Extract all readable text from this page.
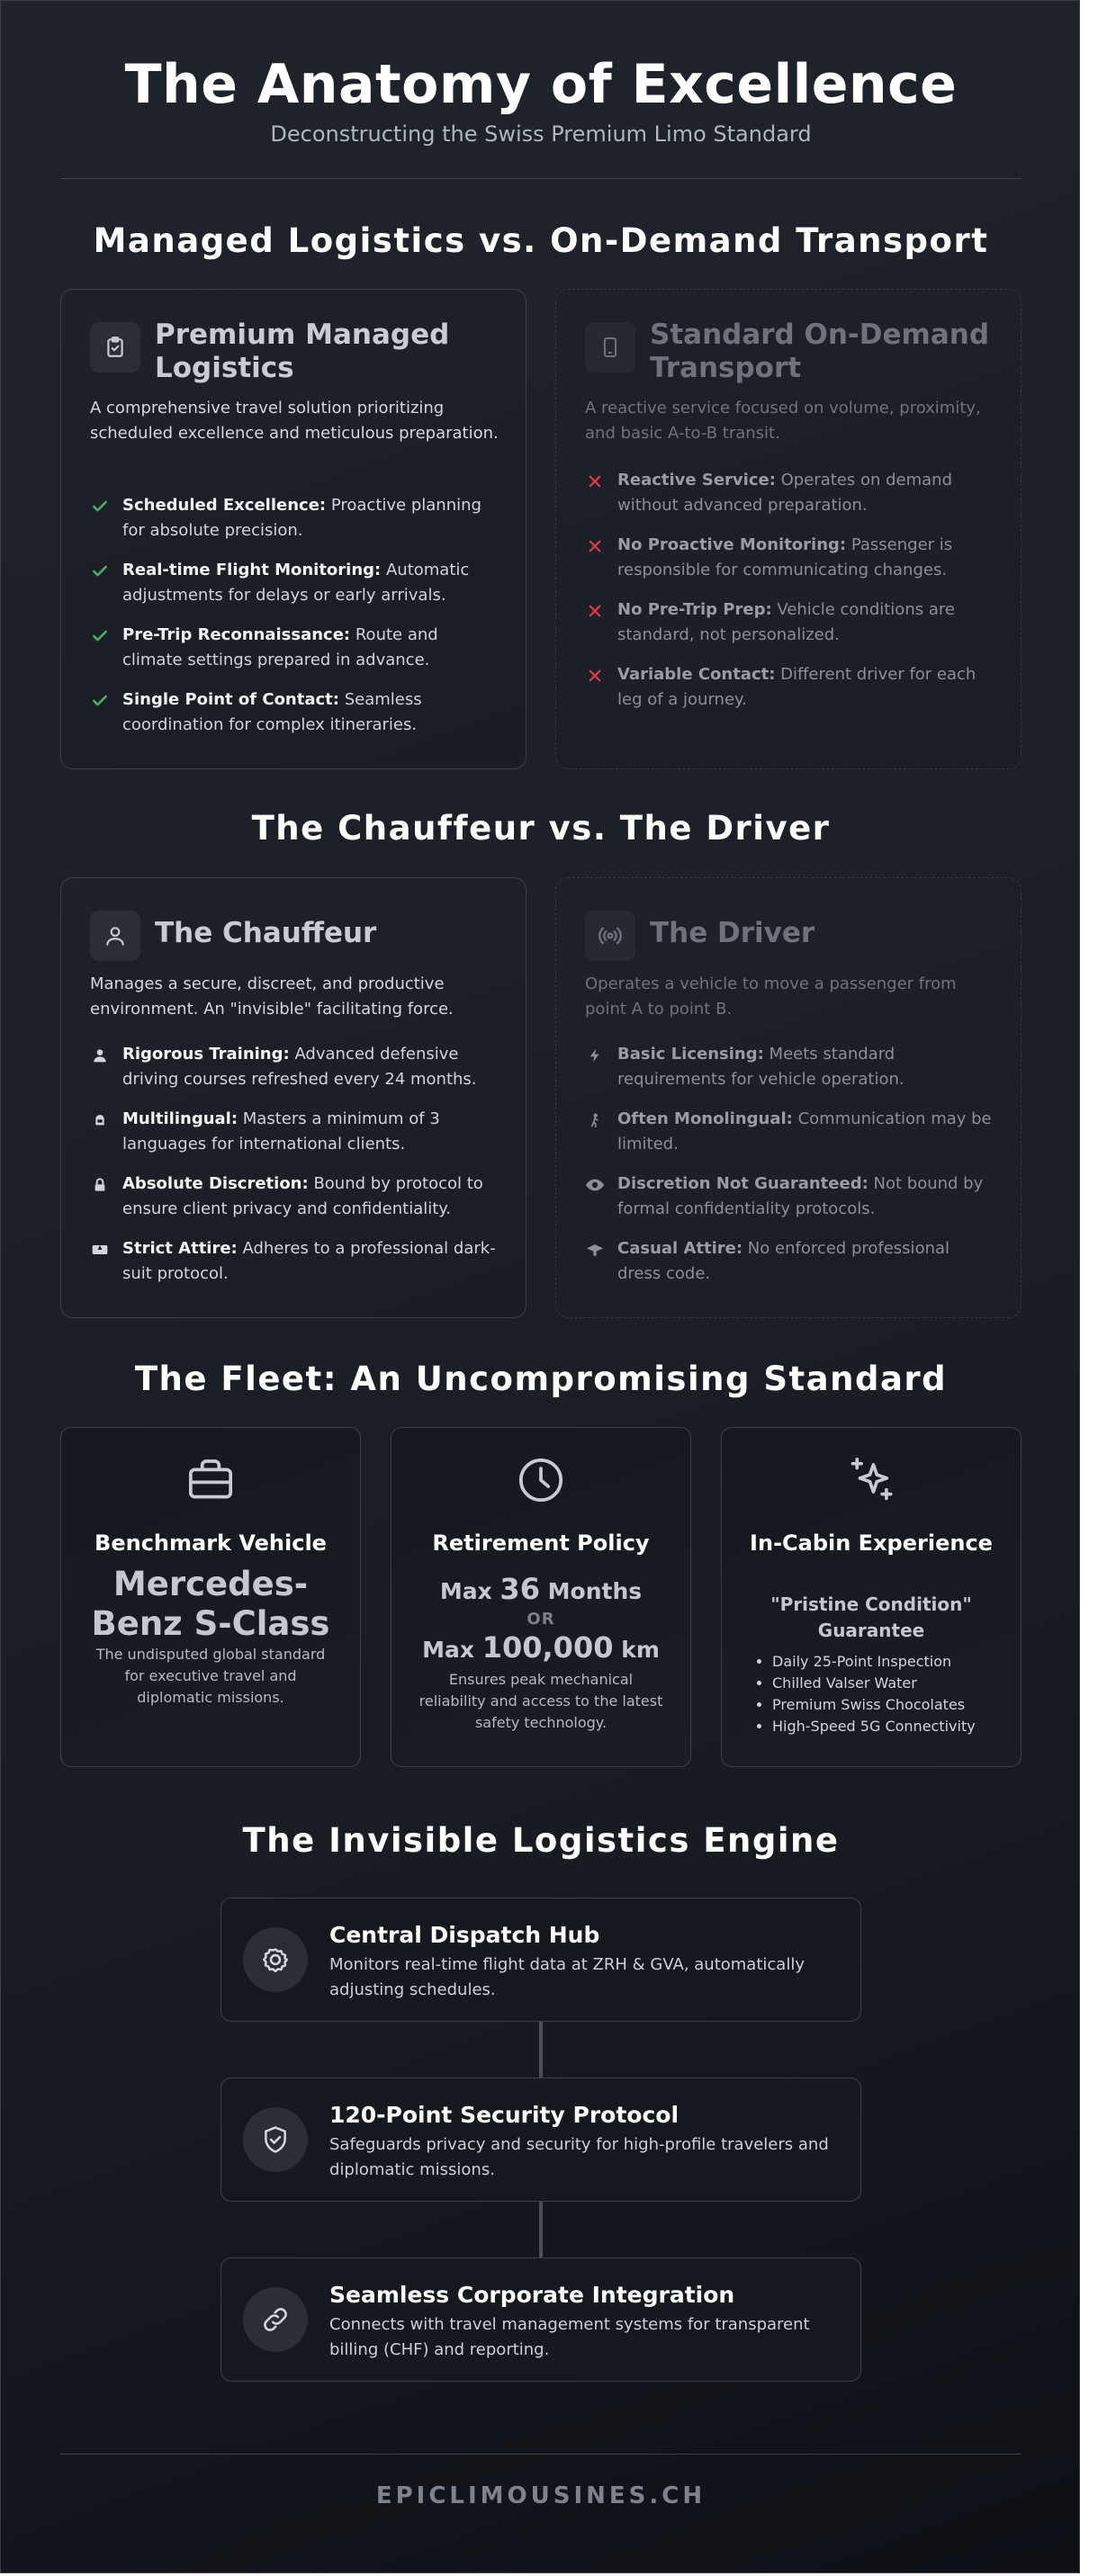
The Anatomy of Excellence
Deconstructing the Swiss Premium Limo Standard
Managed Logistics vs. On-Demand Transport
Premium Managed Logistics
A comprehensive travel solution prioritizing scheduled excellence and meticulous preparation.
Scheduled Excellence: Proactive planning for absolute precision.
Real-time Flight Monitoring: Automatic adjustments for delays or early arrivals.
Pre-Trip Reconnaissance: Route and climate settings prepared in advance.
Single Point of Contact: Seamless coordination for complex itineraries.
Standard On-Demand Transport
A reactive service focused on volume, proximity, and basic A-to-B transit.
Reactive Service: Operates on demand without advanced preparation.
No Proactive Monitoring: Passenger is responsible for communicating changes.
No Pre-Trip Prep: Vehicle conditions are standard, not personalized.
Variable Contact: Different driver for each leg of a journey.
The Chauffeur vs. The Driver
The Chauffeur
Manages a secure, discreet, and productive environment. An "invisible" facilitating force.
Rigorous Training: Advanced defensive driving courses refreshed every 24 months.
Multilingual: Masters a minimum of 3 languages for international clients.
Absolute Discretion: Bound by protocol to ensure client privacy and confidentiality.
Strict Attire: Adheres to a professional dark-suit protocol.
The Driver
Operates a vehicle to move a passenger from point A to point B.
Basic Licensing: Meets standard requirements for vehicle operation.
Often Monolingual: Communication may be limited.
Discretion Not Guaranteed: Not bound by formal confidentiality protocols.
Casual Attire: No enforced professional dress code.
The Fleet: An Uncompromising Standard
Benchmark Vehicle
Mercedes-Benz S-Class
The undisputed global standard for executive travel and diplomatic missions.
Retirement Policy
Max 36 Months
OR
Max 100,000 km
Ensures peak mechanical reliability and access to the latest safety technology.
In-Cabin Experience
"Pristine Condition" Guarantee
• Daily 25-Point Inspection
• Chilled Valser Water
• Premium Swiss Chocolates
• High-Speed 5G Connectivity
The Invisible Logistics Engine
Central Dispatch Hub
Monitors real-time flight data at ZRH & GVA, automatically adjusting schedules.
120-Point Security Protocol
Safeguards privacy and security for high-profile travelers and diplomatic missions.
Seamless Corporate Integration
Connects with travel management systems for transparent billing (CHF) and reporting.
EPICLIMOUSINES.CH
